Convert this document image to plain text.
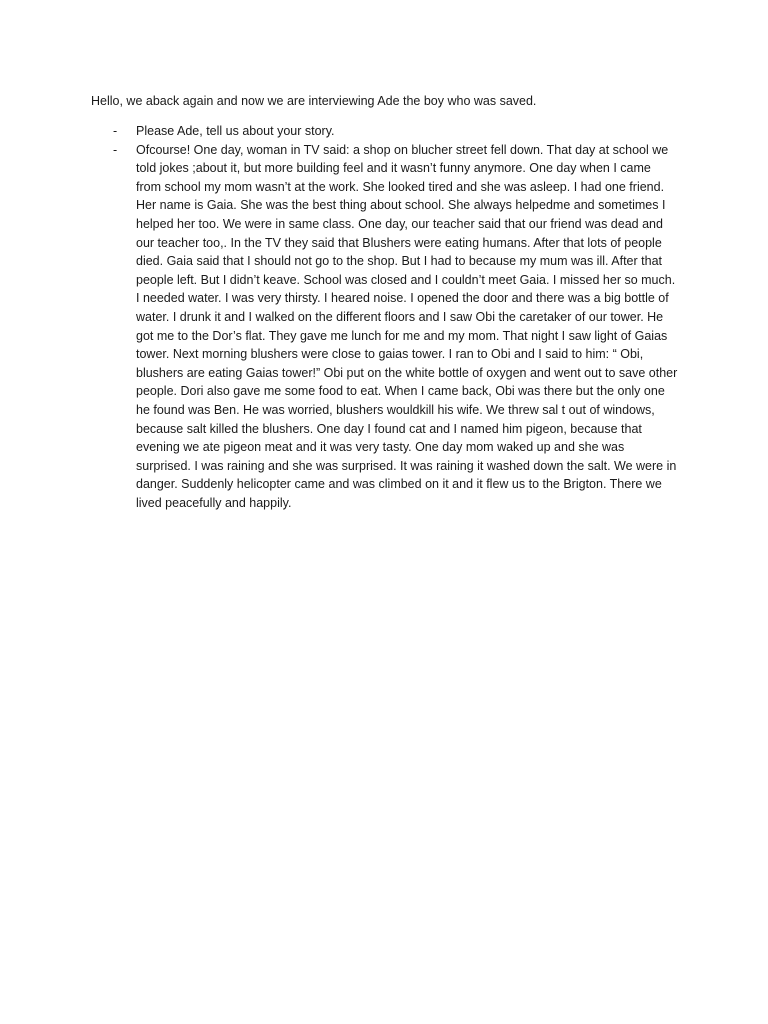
Hello, we aback again and now we are interviewing Ade the boy who was saved.
-	Please Ade, tell us about your story.
-	Ofcourse! One day, woman in TV said: a shop on blucher street fell down. That day at school we told jokes ;about it, but more building feel and it wasn’t funny anymore. One day when I came from school my mom wasn’t at the work. She looked tired and she was asleep. I had one friend. Her name is Gaia. She was the best thing about school. She always helpedme and sometimes I helped her too. We were in same class. One day, our teacher said that our friend was dead and our teacher too,. In the TV they said that Blushers were eating humans. After that lots of people died. Gaia said that I should not go to the shop. But I had to because my mum was ill. After that people left. But I didn’t keave. School was closed and I couldn’t meet Gaia. I missed her so much. I needed water. I was very thirsty. I heared noise. I opened the door and there was a big bottle of water. I drunk it and I walked on the different floors and I saw Obi the caretaker of our tower. He got me to the Dor’s flat. They gave me lunch for me and my mom. That night I saw light of Gaias tower. Next morning blushers were close to gaias tower. I ran to Obi and I said to him: “ Obi, blushers are eating Gaias tower!” Obi put on the white bottle of oxygen and went out to save other people. Dori also gave me some food to eat. When I came back, Obi was there but the only one he found was Ben. He was worried, blushers wouldkill his wife. We threw sal t out of windows, because salt killed the blushers. One day I found cat and I named him pigeon, because that evening we ate pigeon meat and it was very tasty. One day mom waked up and she was surprised. I was raining and she was surprised. It was raining it washed down the salt. We were in danger. Suddenly helicopter came and was climbed on it and it flew us to the Brigton. There we lived peacefully and happily.
